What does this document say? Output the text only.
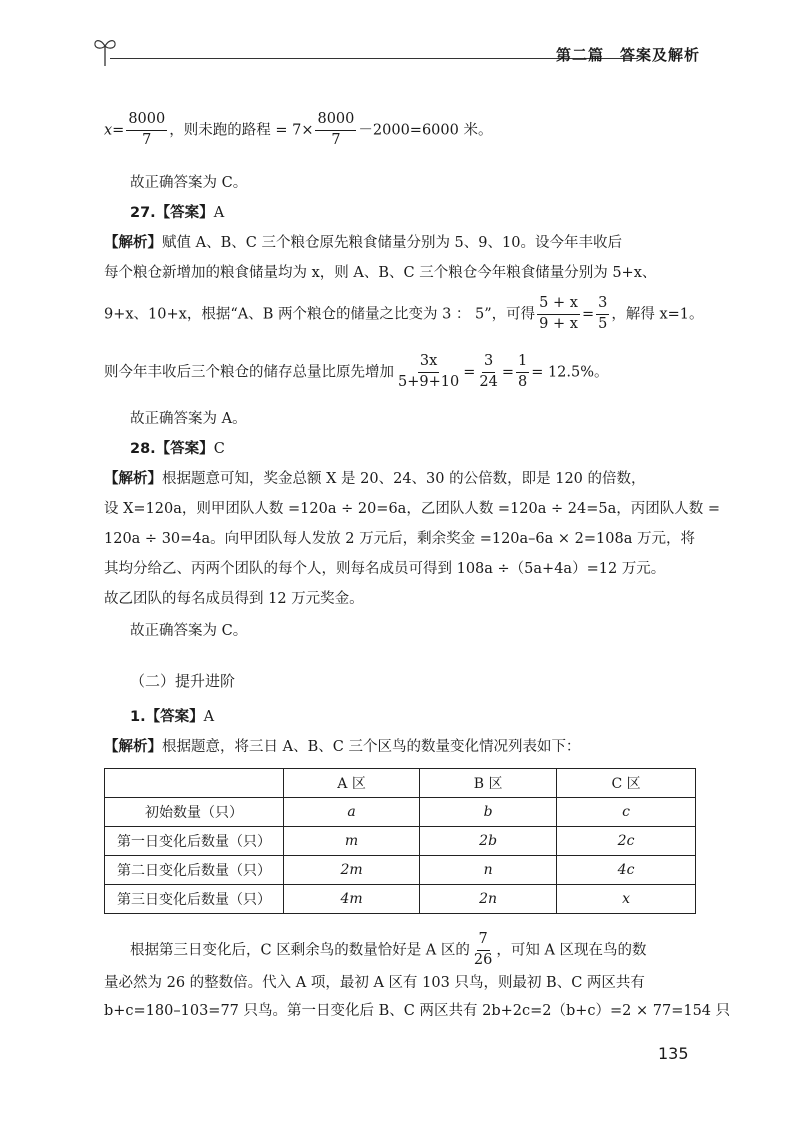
第二篇　答案及解析
$x= \frac{8000}{7}$ ，则未跑的路程 = $7\times \frac{8000}{7} -2000=6000$ 米。
故正确答案为 C。
27.【答案】A
【解析】赋值 A、B、C 三个粮仓原先粮食储量分别为 5、9、10。设今年丰收后
每个粮仓新增加的粮食储量均为 x，则 A、B、C 三个粮仓今年粮食储量分别为 5+x、
9+x、10+x，根据“A、B 两个粮仓的储量之比变为 3 ： 5”，可得 $\frac{5 + x}{9 + x} = \frac{3}{5}$ ，解得 x=1。
则今年丰收后三个粮仓的储存总量比原先增加 $\frac{3x}{5+9+10} = \frac{3}{24} = \frac{1}{8} = 12.5\%$。
故正确答案为 A。
28.【答案】C
【解析】根据题意可知，奖金总额 X 是 20、24、30 的公倍数，即是 120 的倍数，
设 X=120a，则甲团队人数 =120a ÷ 20=6a，乙团队人数 =120a ÷ 24=5a，丙团队人数 =
120a ÷ 30=4a。向甲团队每人发放 2 万元后，剩余奖金 =120a–6a × 2=108a 万元，将
其均分给乙、丙两个团队的每个人，则每名成员可得到 108a ÷（5a+4a）=12 万元。
故乙团队的每名成员得到 12 万元奖金。
故正确答案为 C。
（二）提升进阶
1.【答案】A
【解析】根据题意，将三日 A、B、C 三个区鸟的数量变化情况列表如下：
	A 区	B 区	C 区
初始数量（只）	a	b	c
第一日变化后数量（只）	m	2b	2c
第二日变化后数量（只）	2m	n	4c
第三日变化后数量（只）	4m	2n	x
根据第三日变化后，C 区剩余鸟的数量恰好是 A 区的 $\frac{7}{26}$ ，可知 A 区现在鸟的数
量必然为 26 的整数倍。代入 A 项，最初 A 区有 103 只鸟，则最初 B、C 两区共有
b+c=180–103=77 只鸟。第一日变化后 B、C 两区共有 2b+2c=2（b+c）=2 × 77=154 只
135
